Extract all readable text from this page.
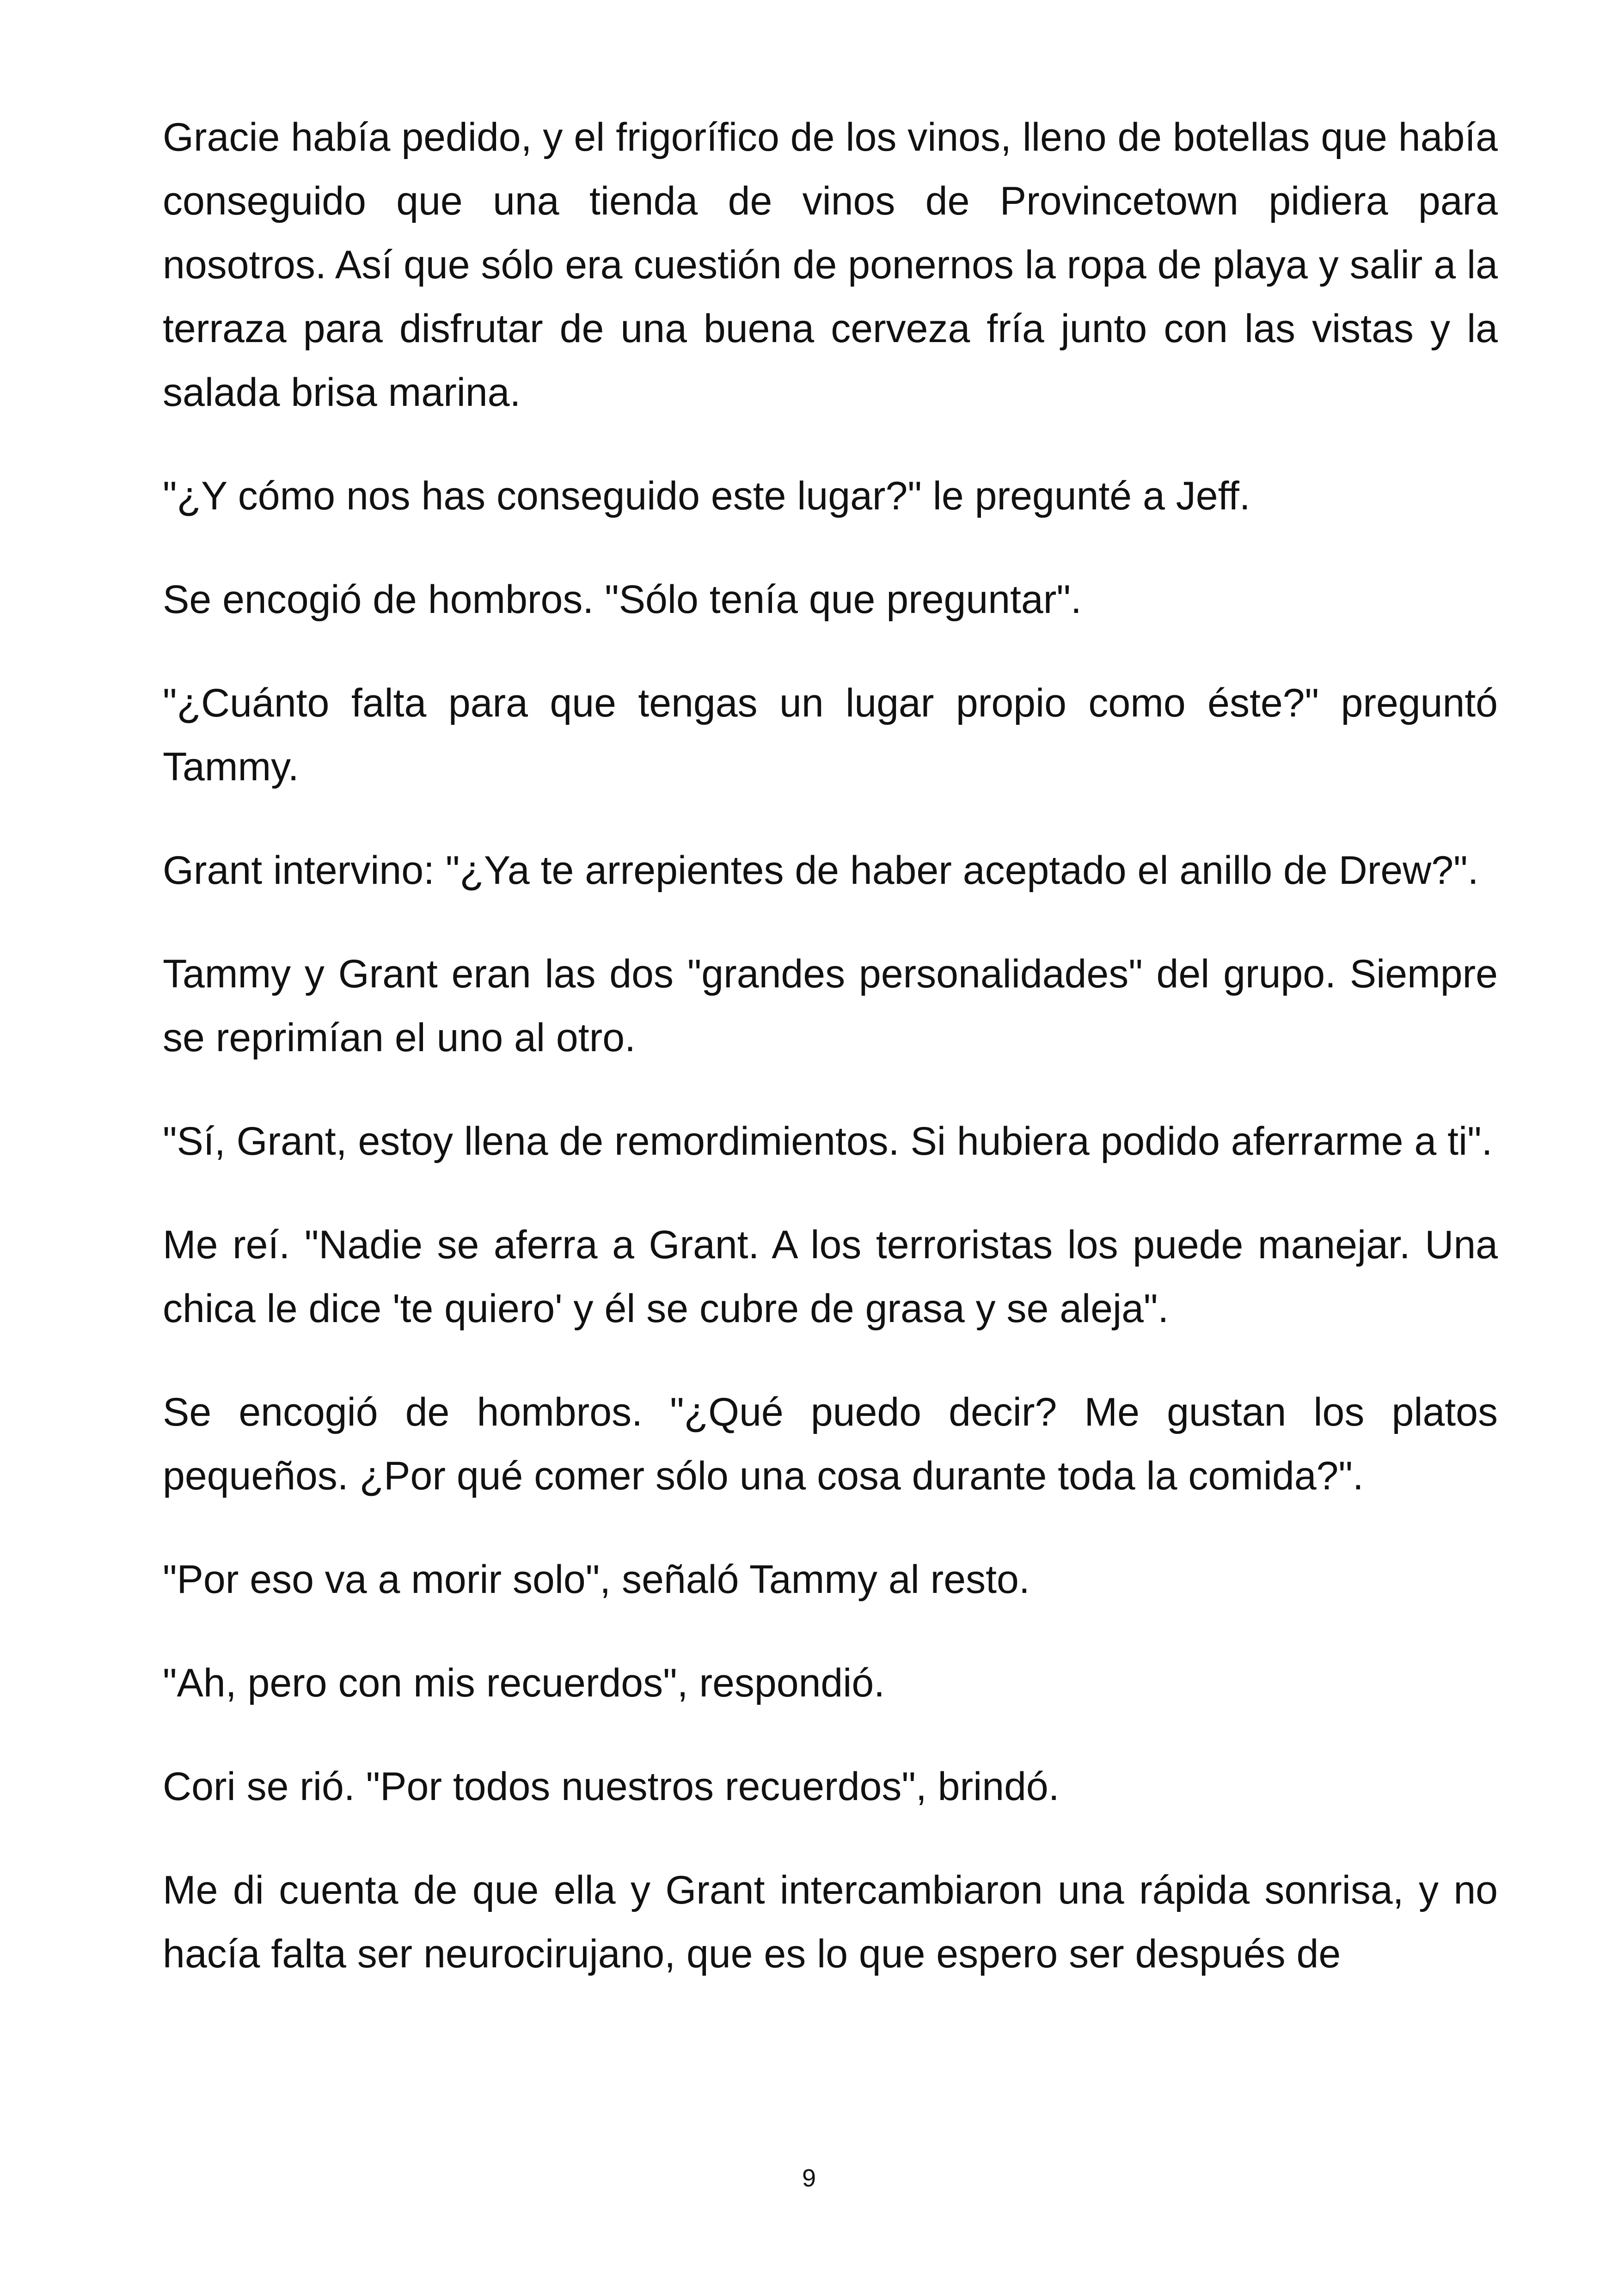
Gracie había pedido, y el frigorífico de los vinos, lleno de botellas que había conseguido que una tienda de vinos de Provincetown pidiera para nosotros. Así que sólo era cuestión de ponernos la ropa de playa y salir a la terraza para disfrutar de una buena cerveza fría junto con las vistas y la salada brisa marina.

"¿Y cómo nos has conseguido este lugar?" le pregunté a Jeff.

Se encogió de hombros. "Sólo tenía que preguntar".

"¿Cuánto falta para que tengas un lugar propio como éste?" preguntó Tammy.

Grant intervino: "¿Ya te arrepientes de haber aceptado el anillo de Drew?".

Tammy y Grant eran las dos "grandes personalidades" del grupo. Siempre se reprimían el uno al otro.

"Sí, Grant, estoy llena de remordimientos. Si hubiera podido aferrarme a ti".

Me reí. "Nadie se aferra a Grant. A los terroristas los puede manejar. Una chica le dice 'te quiero' y él se cubre de grasa y se aleja".

Se encogió de hombros. "¿Qué puedo decir? Me gustan los platos pequeños. ¿Por qué comer sólo una cosa durante toda la comida?".

"Por eso va a morir solo", señaló Tammy al resto.

"Ah, pero con mis recuerdos", respondió.

Cori se rió. "Por todos nuestros recuerdos", brindó.

Me di cuenta de que ella y Grant intercambiaron una rápida sonrisa, y no hacía falta ser neurocirujano, que es lo que espero ser después de

9
